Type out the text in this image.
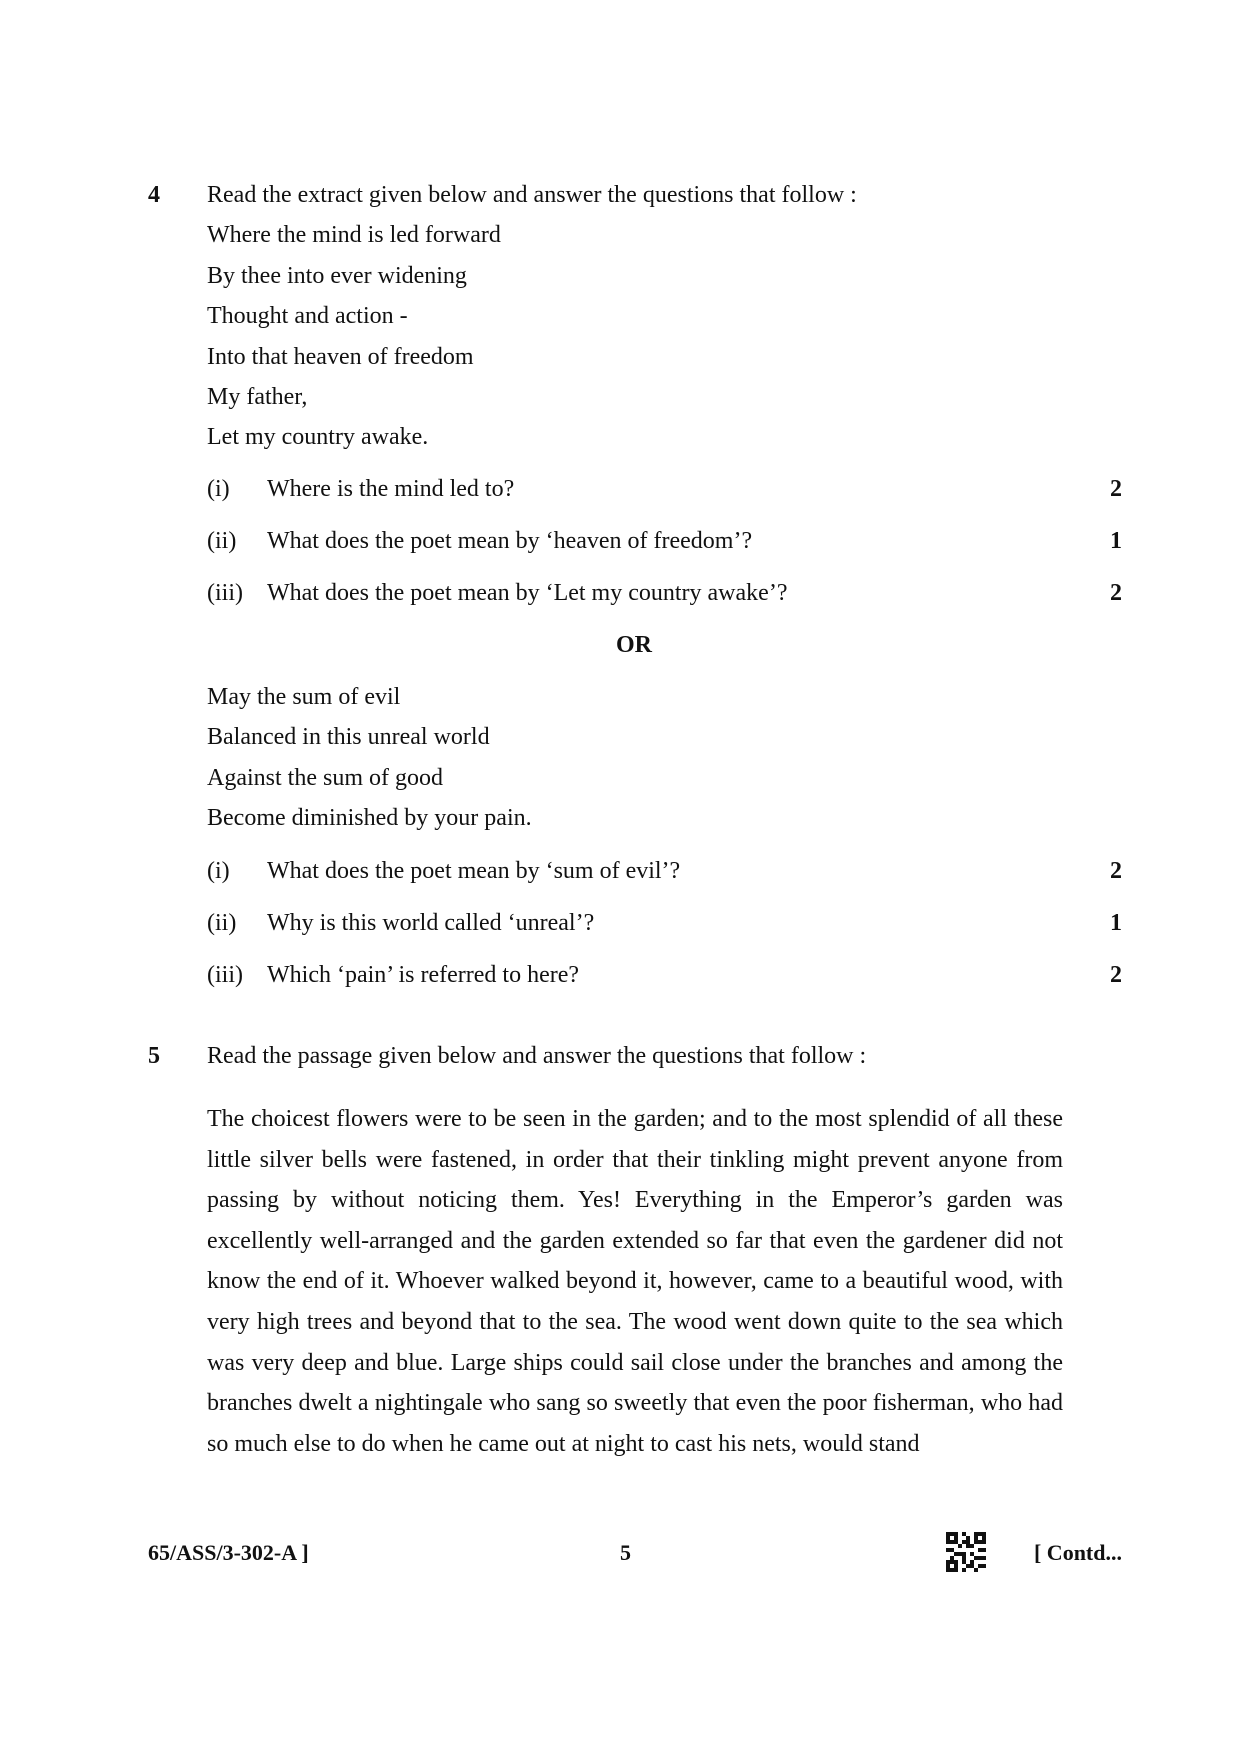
4 Read the extract given below and answer the questions that follow :
Where the mind is led forward
By thee into ever widening
Thought and action -
Into that heaven of freedom
My father,
Let my country awake.
(i) Where is the mind led to?	2
(ii) What does the poet mean by ‘heaven of freedom’?	1
(iii) What does the poet mean by ‘Let my country awake’?	2
OR
May the sum of evil
Balanced in this unreal world
Against the sum of good
Become diminished by your pain.
(i) What does the poet mean by ‘sum of evil’?	2
(ii) Why is this world called ‘unreal’?	1
(iii) Which ‘pain’ is referred to here?	2
5 Read the passage given below and answer the questions that follow :
The choicest flowers were to be seen in the garden; and to the most splendid of all these little silver bells were fastened, in order that their tinkling might prevent anyone from passing by without noticing them. Yes! Everything in the Emperor’s garden was excellently well-arranged and the garden extended so far that even the gardener did not know the end of it. Whoever walked beyond it, however, came to a beautiful wood, with very high trees and beyond that to the sea. The wood went down quite to the sea which was very deep and blue. Large ships could sail close under the branches and among the branches dwelt a nightingale who sang so sweetly that even the poor fisherman, who had so much else to do when he came out at night to cast his nets, would stand
65/ASS/3-302-A ]	5	[ Contd...
